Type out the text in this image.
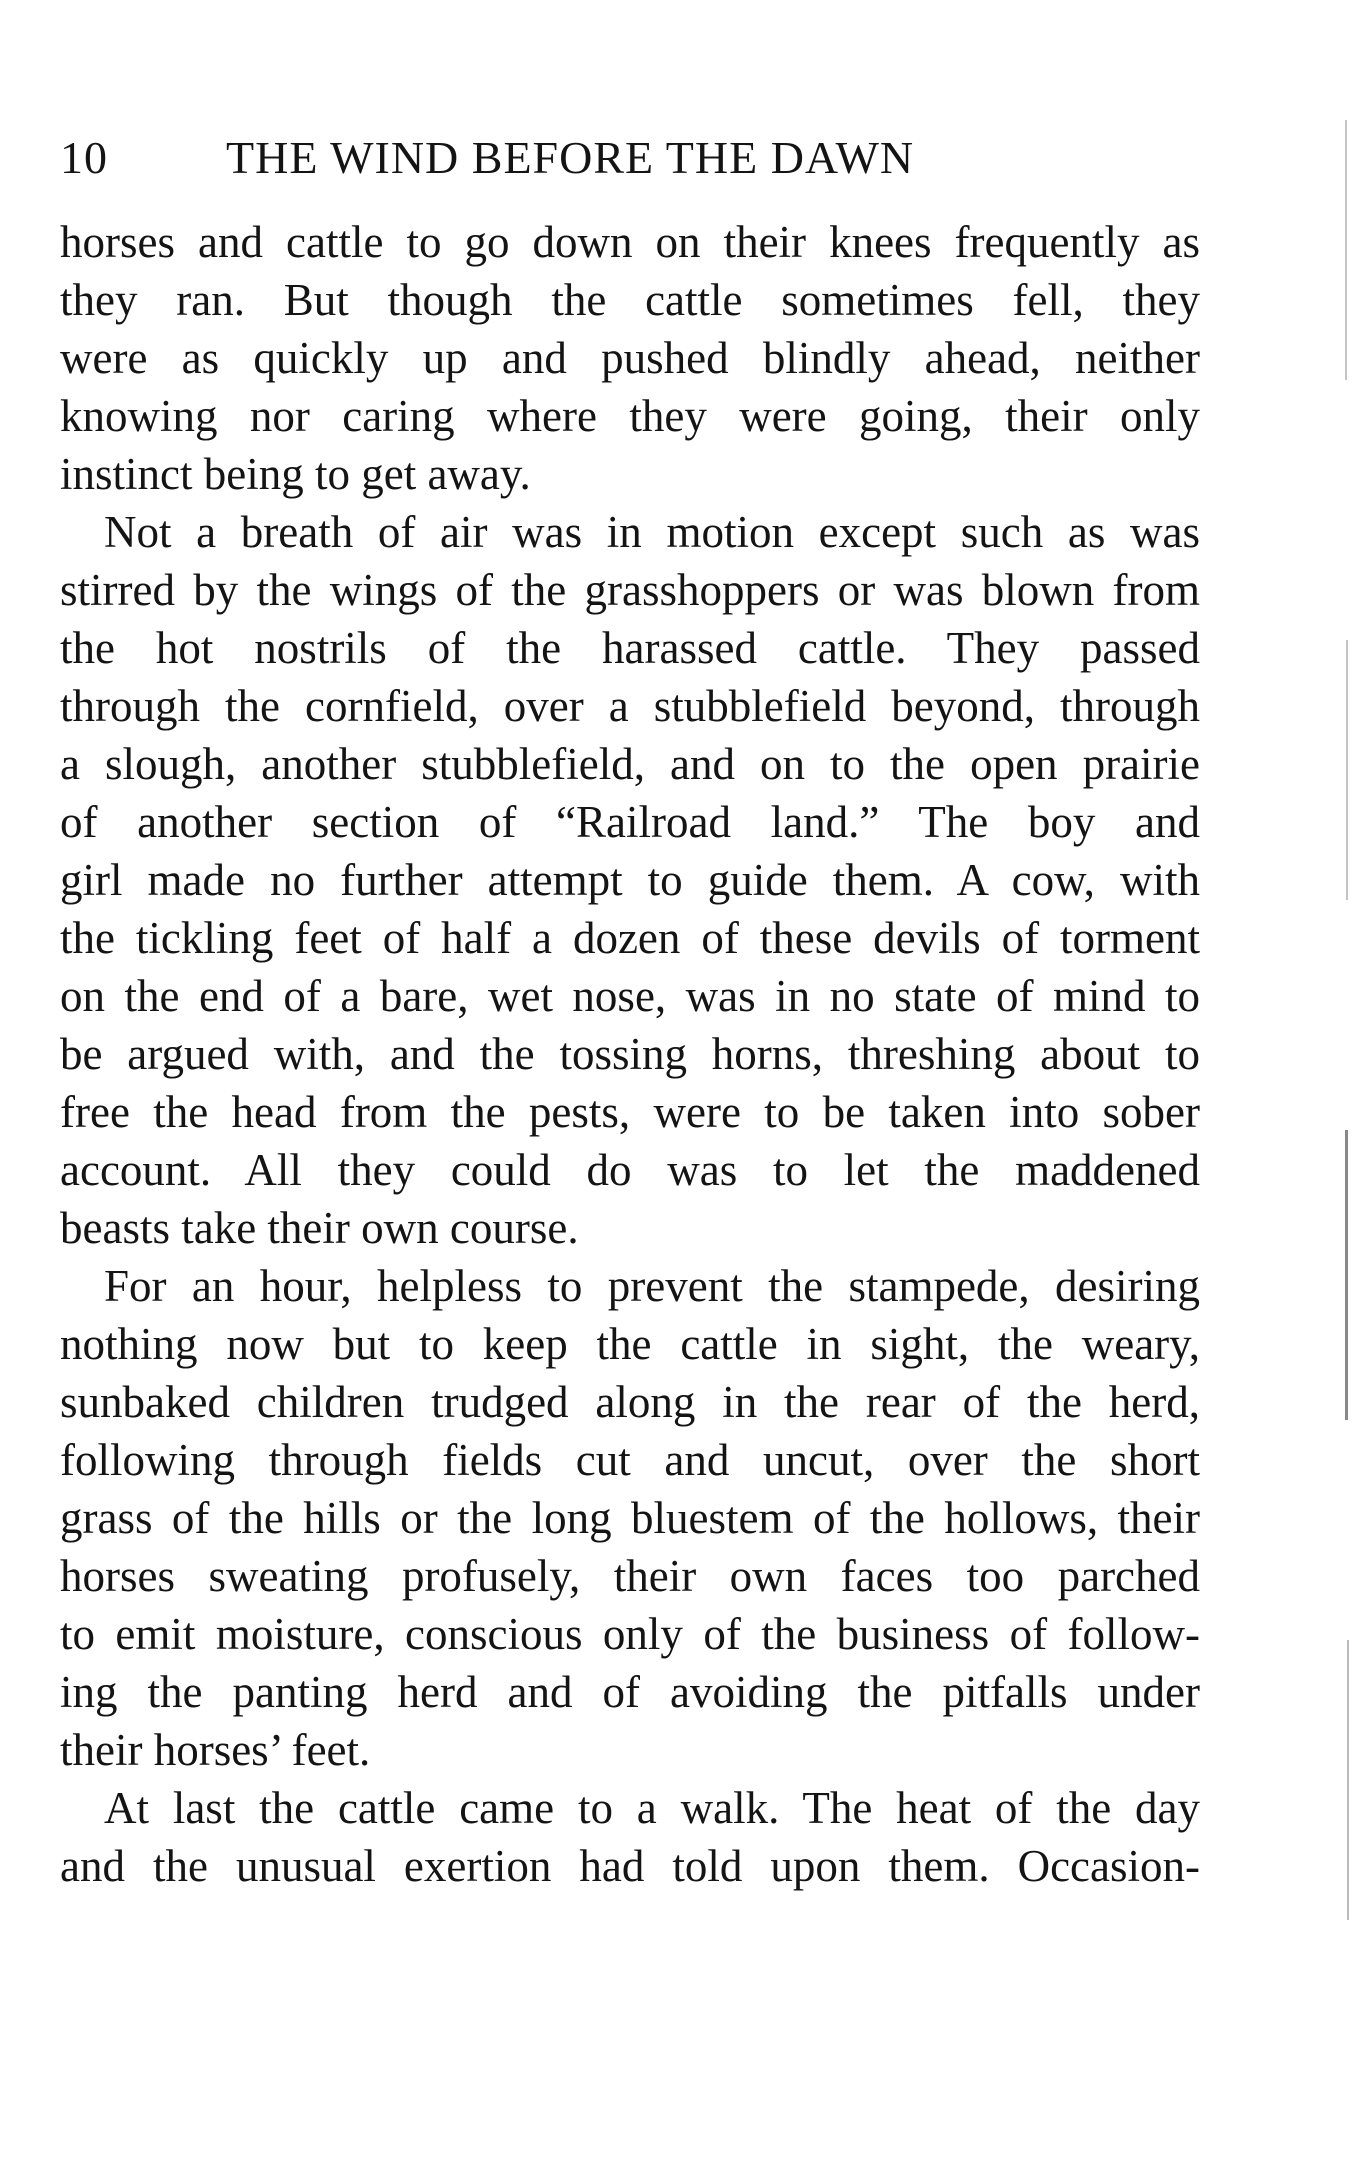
10	THE WIND BEFORE THE DAWN
horses and cattle to go down on their knees frequently as
they ran. But though the cattle sometimes fell, they
were as quickly up and pushed blindly ahead, neither
knowing nor caring where they were going, their only
instinct being to get away.
Not a breath of air was in motion except such as was
stirred by the wings of the grasshoppers or was blown from
the hot nostrils of the harassed cattle. They passed
through the cornfield, over a stubblefield beyond, through
a slough, another stubblefield, and on to the open prairie
of another section of “Railroad land.” The boy and
girl made no further attempt to guide them. A cow, with
the tickling feet of half a dozen of these devils of torment
on the end of a bare, wet nose, was in no state of mind to
be argued with, and the tossing horns, threshing about to
free the head from the pests, were to be taken into sober
account. All they could do was to let the maddened
beasts take their own course.
For an hour, helpless to prevent the stampede, desiring
nothing now but to keep the cattle in sight, the weary,
sunbaked children trudged along in the rear of the herd,
following through fields cut and uncut, over the short
grass of the hills or the long bluestem of the hollows, their
horses sweating profusely, their own faces too parched
to emit moisture, conscious only of the business of follow-
ing the panting herd and of avoiding the pitfalls under
their horses’ feet.
At last the cattle came to a walk. The heat of the day
and the unusual exertion had told upon them. Occasion-
